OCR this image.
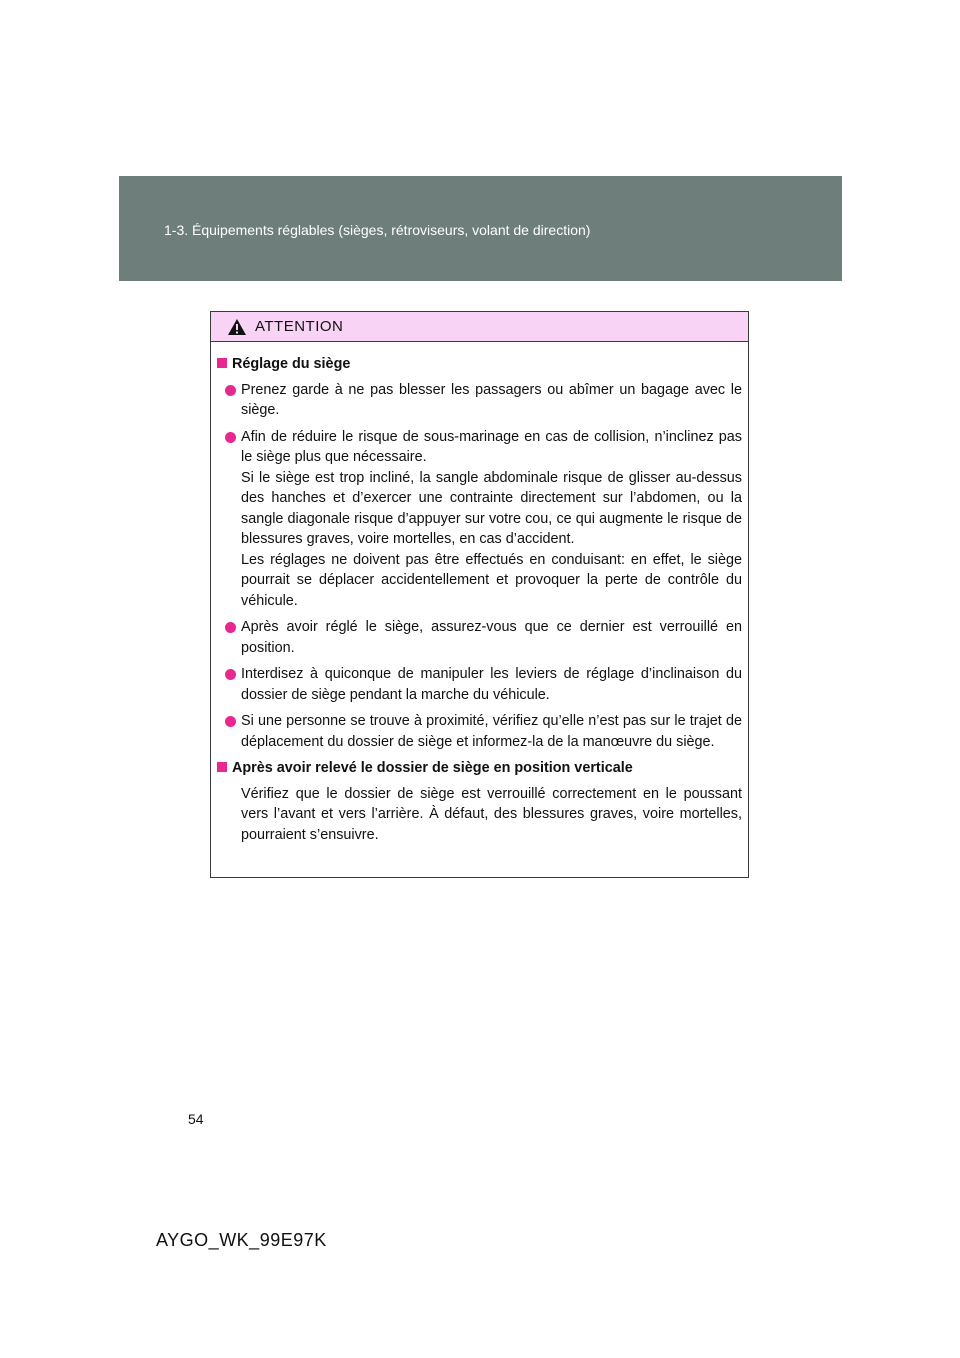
1-3. Équipements réglables (sièges, rétroviseurs, volant de direction)
ATTENTION
Réglage du siège

Prenez garde à ne pas blesser les passagers ou abîmer un bagage avec le siège.

Afin de réduire le risque de sous-marinage en cas de collision, n’inclinez pas le siège plus que nécessaire.

Si le siège est trop incliné, la sangle abdominale risque de glisser au-dessus des hanches et d’exercer une contrainte directement sur l’abdomen, ou la sangle diagonale risque d’appuyer sur votre cou, ce qui augmente le risque de blessures graves, voire mortelles, en cas d’accident.

Les réglages ne doivent pas être effectués en conduisant: en effet, le siège pourrait se déplacer accidentellement et provoquer la perte de contrôle du véhicule.

Après avoir réglé le siège, assurez-vous que ce dernier est verrouillé en position.

Interdisez à quiconque de manipuler les leviers de réglage d’inclinaison du dossier de siège pendant la marche du véhicule.

Si une personne se trouve à proximité, vérifiez qu’elle n’est pas sur le trajet de déplacement du dossier de siège et informez-la de la manœuvre du siège.

Après avoir relevé le dossier de siège en position verticale

Vérifiez que le dossier de siège est verrouillé correctement en le poussant vers l’avant et vers l’arrière. À défaut, des blessures graves, voire mortelles, pourraient s’ensuivre.

54
AYGO_WK_99E97K
